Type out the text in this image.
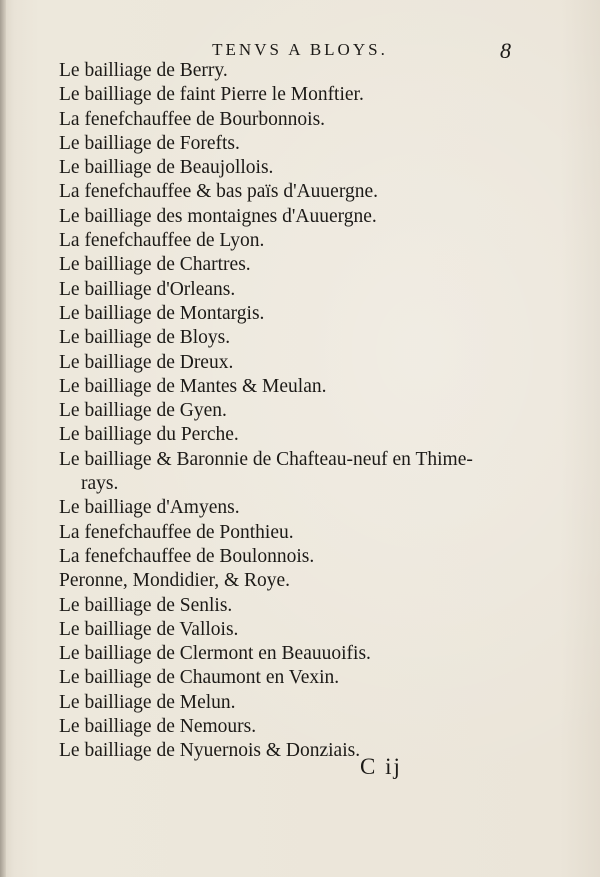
TENVS A BLOYS.	8
Le bailliage de Berry.
Le bailliage de faint Pierre le Monftier.
La fenefchauffee de Bourbonnois.
Le bailliage de Forefts.
Le bailliage de Beaujollois.
La fenefchauffee & bas païs d'Auuergne.
Le bailliage des montaignes d'Auuergne.
La fenefchauffee de Lyon.
Le bailliage de Chartres.
Le bailliage d'Orleans.
Le bailliage de Montargis.
Le bailliage de Bloys.
Le bailliage de Dreux.
Le bailliage de Mantes & Meulan.
Le bailliage de Gyen.
Le bailliage du Perche.
Le bailliage & Baronnie de Chafteau-neuf en Thime-
rays.
Le bailliage d'Amyens.
La fenefchauffee de Ponthieu.
La fenefchauffee de Boulonnois.
Peronne, Mondidier, & Roye.
Le bailliage de Senlis.
Le bailliage de Vallois.
Le bailliage de Clermont en Beauuoifis.
Le bailliage de Chaumont en Vexin.
Le bailliage de Melun.
Le bailliage de Nemours.
Le bailliage de Nyuernois & Donziais.
C ij
